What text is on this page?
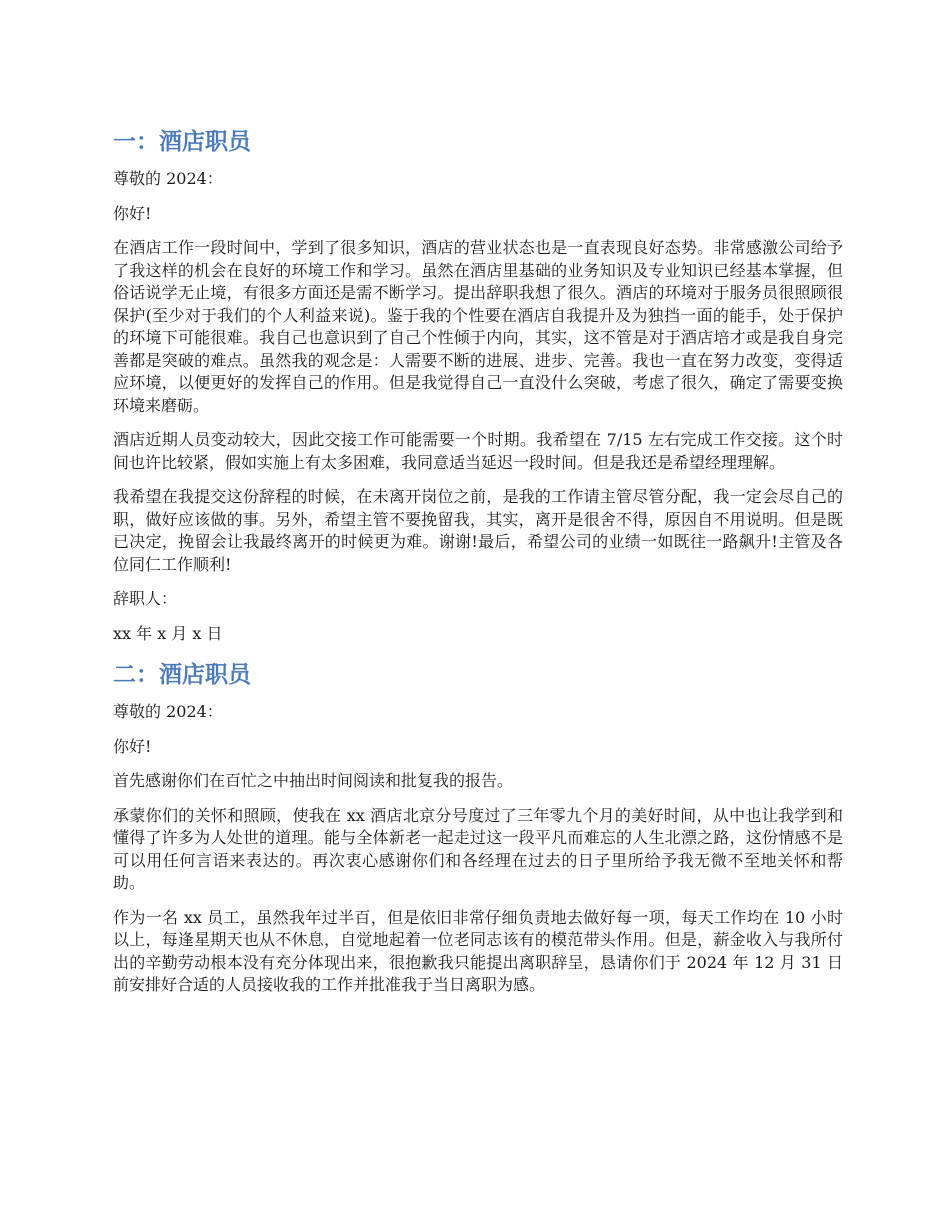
一：酒店职员

尊敬的 2024：

你好!

在酒店工作一段时间中，学到了很多知识，酒店的营业状态也是一直表现良好态势。非常感激公司给予了我这样的机会在良好的环境工作和学习。虽然在酒店里基础的业务知识及专业知识已经基本掌握，但俗话说学无止境，有很多方面还是需不断学习。提出辞职我想了很久。酒店的环境对于服务员很照顾很保护(至少对于我们的个人利益来说)。鉴于我的个性要在酒店自我提升及为独挡一面的能手，处于保护的环境下可能很难。我自己也意识到了自己个性倾于内向，其实，这不管是对于酒店培才或是我自身完善都是突破的难点。虽然我的观念是：人需要不断的进展、进步、完善。我也一直在努力改变，变得适应环境，以便更好的发挥自己的作用。但是我觉得自己一直没什么突破，考虑了很久，确定了需要变换环境来磨砺。

酒店近期人员变动较大，因此交接工作可能需要一个时期。我希望在 7/15 左右完成工作交接。这个时间也许比较紧，假如实施上有太多困难，我同意适当延迟一段时间。但是我还是希望经理理解。

我希望在我提交这份辞程的时候，在未离开岗位之前，是我的工作请主管尽管分配，我一定会尽自己的职，做好应该做的事。另外，希望主管不要挽留我，其实，离开是很舍不得，原因自不用说明。但是既已决定，挽留会让我最终离开的时候更为难。谢谢!最后，希望公司的业绩一如既往一路飙升!主管及各位同仁工作顺利!

辞职人：

xx 年 x 月 x 日

二：酒店职员

尊敬的 2024：

你好!

首先感谢你们在百忙之中抽出时间阅读和批复我的报告。

承蒙你们的关怀和照顾，使我在 xx 酒店北京分号度过了三年零九个月的美好时间，从中也让我学到和懂得了许多为人处世的道理。能与全体新老一起走过这一段平凡而难忘的人生北漂之路，这份情感不是可以用任何言语来表达的。再次衷心感谢你们和各经理在过去的日子里所给予我无微不至地关怀和帮助。

作为一名 xx 员工，虽然我年过半百，但是依旧非常仔细负责地去做好每一项，每天工作均在 10 小时以上，每逢星期天也从不休息，自觉地起着一位老同志该有的模范带头作用。但是，薪金收入与我所付出的辛勤劳动根本没有充分体现出来，很抱歉我只能提出离职辞呈，恳请你们于 2024 年 12 月 31 日前安排好合适的人员接收我的工作并批准我于当日离职为感。
